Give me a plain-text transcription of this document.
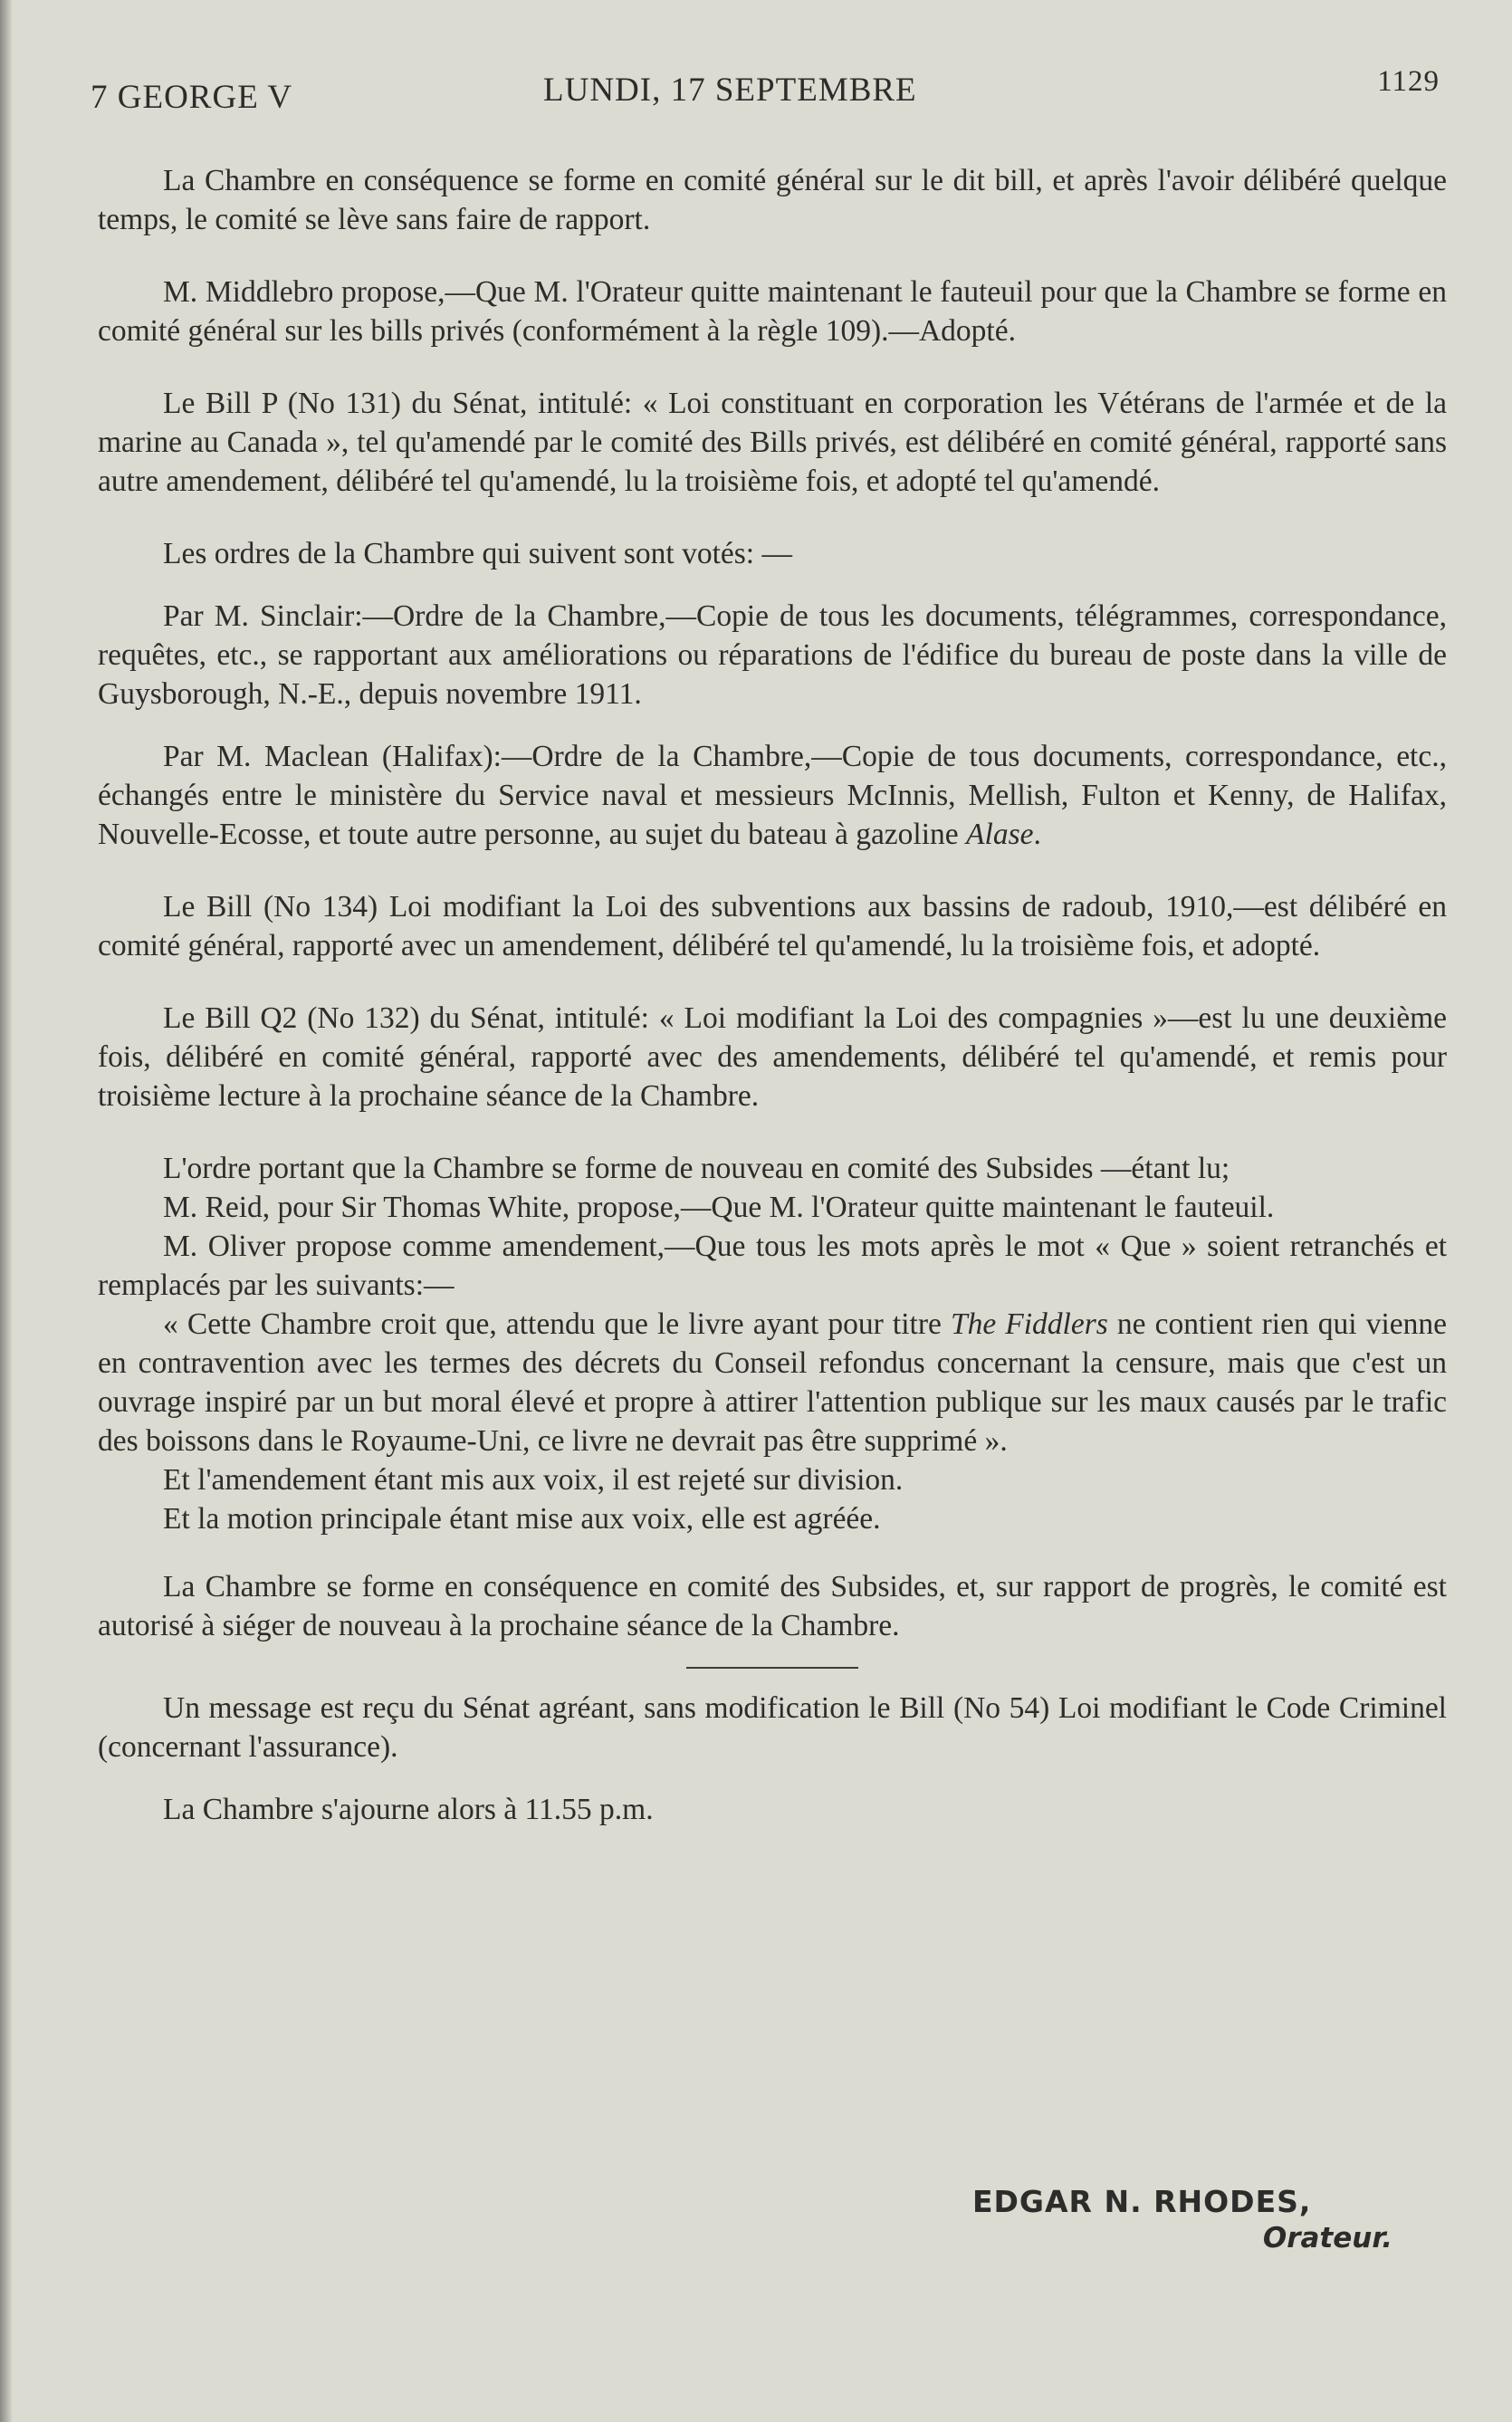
7 GEORGE V	LUNDI, 17 SEPTEMBRE	1129

La Chambre en conséquence se forme en comité général sur le dit bill, et après l'avoir délibéré quelque temps, le comité se lève sans faire de rapport.

M. Middlebro propose,—Que M. l'Orateur quitte maintenant le fauteuil pour que la Chambre se forme en comité général sur les bills privés (conformément à la règle 109).—Adopté.

Le Bill P (No 131) du Sénat, intitulé: « Loi constituant en corporation les Vétérans de l'armée et de la marine au Canada », tel qu'amendé par le comité des Bills privés, est délibéré en comité général, rapporté sans autre amendement, délibéré tel qu'amendé, lu la troisième fois, et adopté tel qu'amendé.

Les ordres de la Chambre qui suivent sont votés: —

Par M. Sinclair:—Ordre de la Chambre,—Copie de tous les documents, télégrammes, correspondance, requêtes, etc., se rapportant aux améliorations ou réparations de l'édifice du bureau de poste dans la ville de Guysborough, N.-E., depuis novembre 1911.

Par M. Maclean (Halifax):—Ordre de la Chambre,—Copie de tous documents, correspondance, etc., échangés entre le ministère du Service naval et messieurs McInnis, Mellish, Fulton et Kenny, de Halifax, Nouvelle-Ecosse, et toute autre personne, au sujet du bateau à gazoline Alase.

Le Bill (No 134) Loi modifiant la Loi des subventions aux bassins de radoub, 1910,—est délibéré en comité général, rapporté avec un amendement, délibéré tel qu'amendé, lu la troisième fois, et adopté.

Le Bill Q2 (No 132) du Sénat, intitulé: « Loi modifiant la Loi des compagnies »—est lu une deuxième fois, délibéré en comité général, rapporté avec des amendements, délibéré tel qu'amendé, et remis pour troisième lecture à la prochaine séance de la Chambre.

L'ordre portant que la Chambre se forme de nouveau en comité des Subsides —étant lu;

M. Reid, pour Sir Thomas White, propose,—Que M. l'Orateur quitte maintenant le fauteuil.

M. Oliver propose comme amendement,—Que tous les mots après le mot « Que » soient retranchés et remplacés par les suivants:—

« Cette Chambre croit que, attendu que le livre ayant pour titre The Fiddlers ne contient rien qui vienne en contravention avec les termes des décrets du Conseil refondus concernant la censure, mais que c'est un ouvrage inspiré par un but moral élevé et propre à attirer l'attention publique sur les maux causés par le trafic des boissons dans le Royaume-Uni, ce livre ne devrait pas être supprimé ».

Et l'amendement étant mis aux voix, il est rejeté sur division.

Et la motion principale étant mise aux voix, elle est agréée.

La Chambre se forme en conséquence en comité des Subsides, et, sur rapport de progrès, le comité est autorisé à siéger de nouveau à la prochaine séance de la Chambre.

Un message est reçu du Sénat agréant, sans modification le Bill (No 54) Loi modifiant le Code Criminel (concernant l'assurance).

La Chambre s'ajourne alors à 11.55 p.m.

EDGAR N. RHODES,
Orateur.
